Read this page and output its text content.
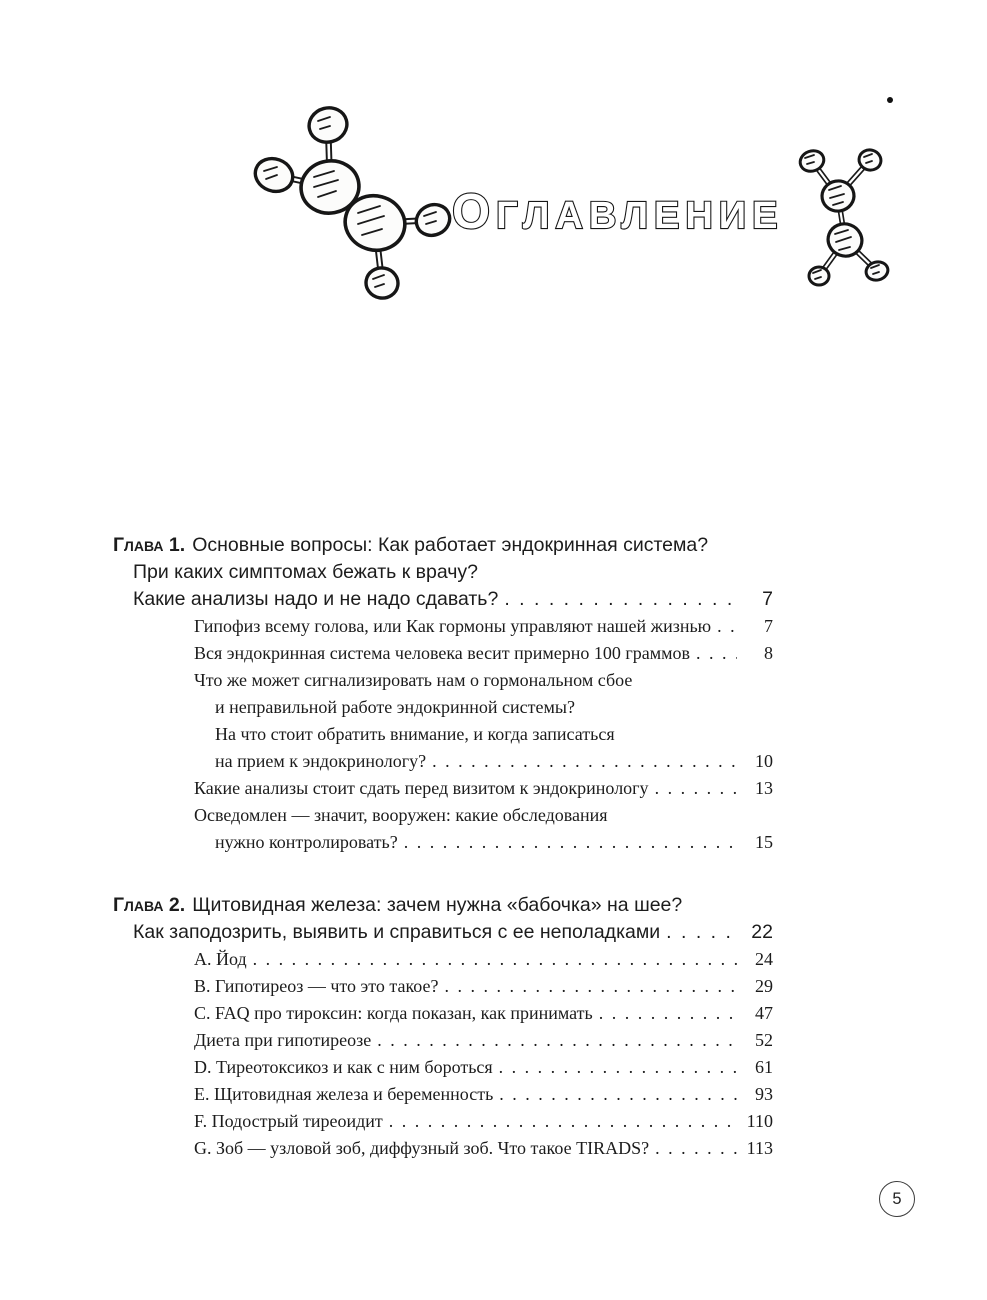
ОГЛАВЛЕНИЕ
Глава 1. Основные вопросы: Как работает эндокринная система?
При каких симптомах бежать к врачу?
Какие анализы надо и не надо сдавать? . . .	7
Гипофиз всему голова, или Как гормоны управляют нашей жизнью . . .	7
Вся эндокринная система человека весит примерно 100 граммов . . .	8
Что же может сигнализировать нам о гормональном сбое
и неправильной работе эндокринной системы?
На что стоит обратить внимание, и когда записаться
на прием к эндокринологу? . . .	10
Какие анализы стоит сдать перед визитом к эндокринологу . . .	13
Осведомлен — значит, вооружен: какие обследования
нужно контролировать? . . .	15
Глава 2. Щитовидная железа: зачем нужна «бабочка» на шее?
Как заподозрить, выявить и справиться с ее неполадками . . .	22
A. Йод . . .	24
B. Гипотиреоз — что это такое? . . .	29
C. FAQ про тироксин: когда показан, как принимать . . .	47
Диета при гипотиреозе . . .	52
D. Тиреотоксикоз и как с ним бороться . . .	61
E. Щитовидная железа и беременность . . .	93
F. Подострый тиреоидит . . .	110
G. Зоб — узловой зоб, диффузный зоб. Что такое TIRADS? . . .	113
5
